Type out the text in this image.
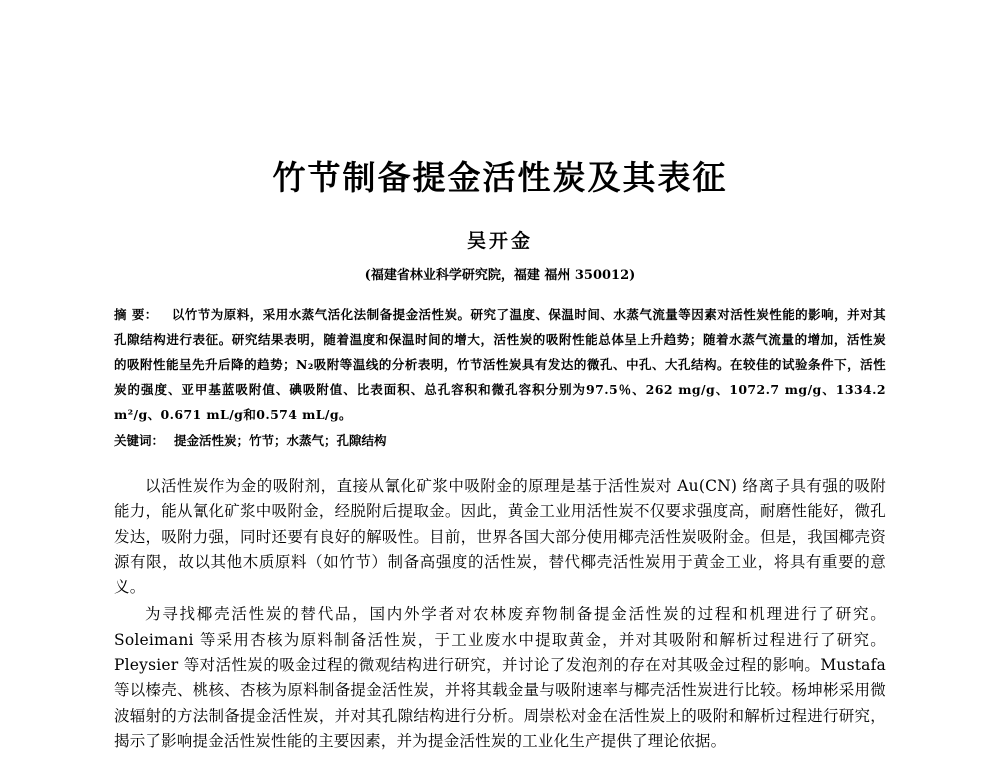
竹节制备提金活性炭及其表征
吴开金
(福建省林业科学研究院，福建 福州 350012)
摘 要： 以竹节为原料，采用水蒸气活化法制备提金活性炭。研究了温度、保温时间、水蒸气流量等因素对活性炭性能的影响，并对其孔隙结构进行表征。研究结果表明，随着温度和保温时间的增大，活性炭的吸附性能总体呈上升趋势；随着水蒸气流量的增加，活性炭的吸附性能呈先升后降的趋势；N₂吸附等温线的分析表明，竹节活性炭具有发达的微孔、中孔、大孔结构。在较佳的试验条件下，活性炭的强度、亚甲基蓝吸附值、碘吸附值、比表面积、总孔容积和微孔容积分别为97.5％、262 mg/g、1072.7 mg/g、1334.2 m²/g、0.671 mL/g和0.574 mL/g。
关键词： 提金活性炭；竹节；水蒸气；孔隙结构

以活性炭作为金的吸附剂，直接从氰化矿浆中吸附金的原理是基于活性炭对 Au(CN) 络离子具有强的吸附能力，能从氰化矿浆中吸附金，经脱附后提取金。因此，黄金工业用活性炭不仅要求强度高，耐磨性能好，微孔发达，吸附力强，同时还要有良好的解吸性。目前，世界各国大部分使用椰壳活性炭吸附金。但是，我国椰壳资源有限，故以其他木质原料（如竹节）制备高强度的活性炭，替代椰壳活性炭用于黄金工业，将具有重要的意义。

为寻找椰壳活性炭的替代品，国内外学者对农林废弃物制备提金活性炭的过程和机理进行了研究。Soleimani 等采用杏核为原料制备活性炭，于工业废水中提取黄金，并对其吸附和解析过程进行了研究。Pleysier 等对活性炭的吸金过程的微观结构进行研究，并讨论了发泡剂的存在对其吸金过程的影响。Mustafa 等以榛壳、桃核、杏核为原料制备提金活性炭，并将其载金量与吸附速率与椰壳活性炭进行比较。杨坤彬采用微波辐射的方法制备提金活性炭，并对其孔隙结构进行分析。周崇松对金在活性炭上的吸附和解析过程进行研究，揭示了影响提金活性炭性能的主要因素，并为提金活性炭的工业化生产提供了理论依据。
